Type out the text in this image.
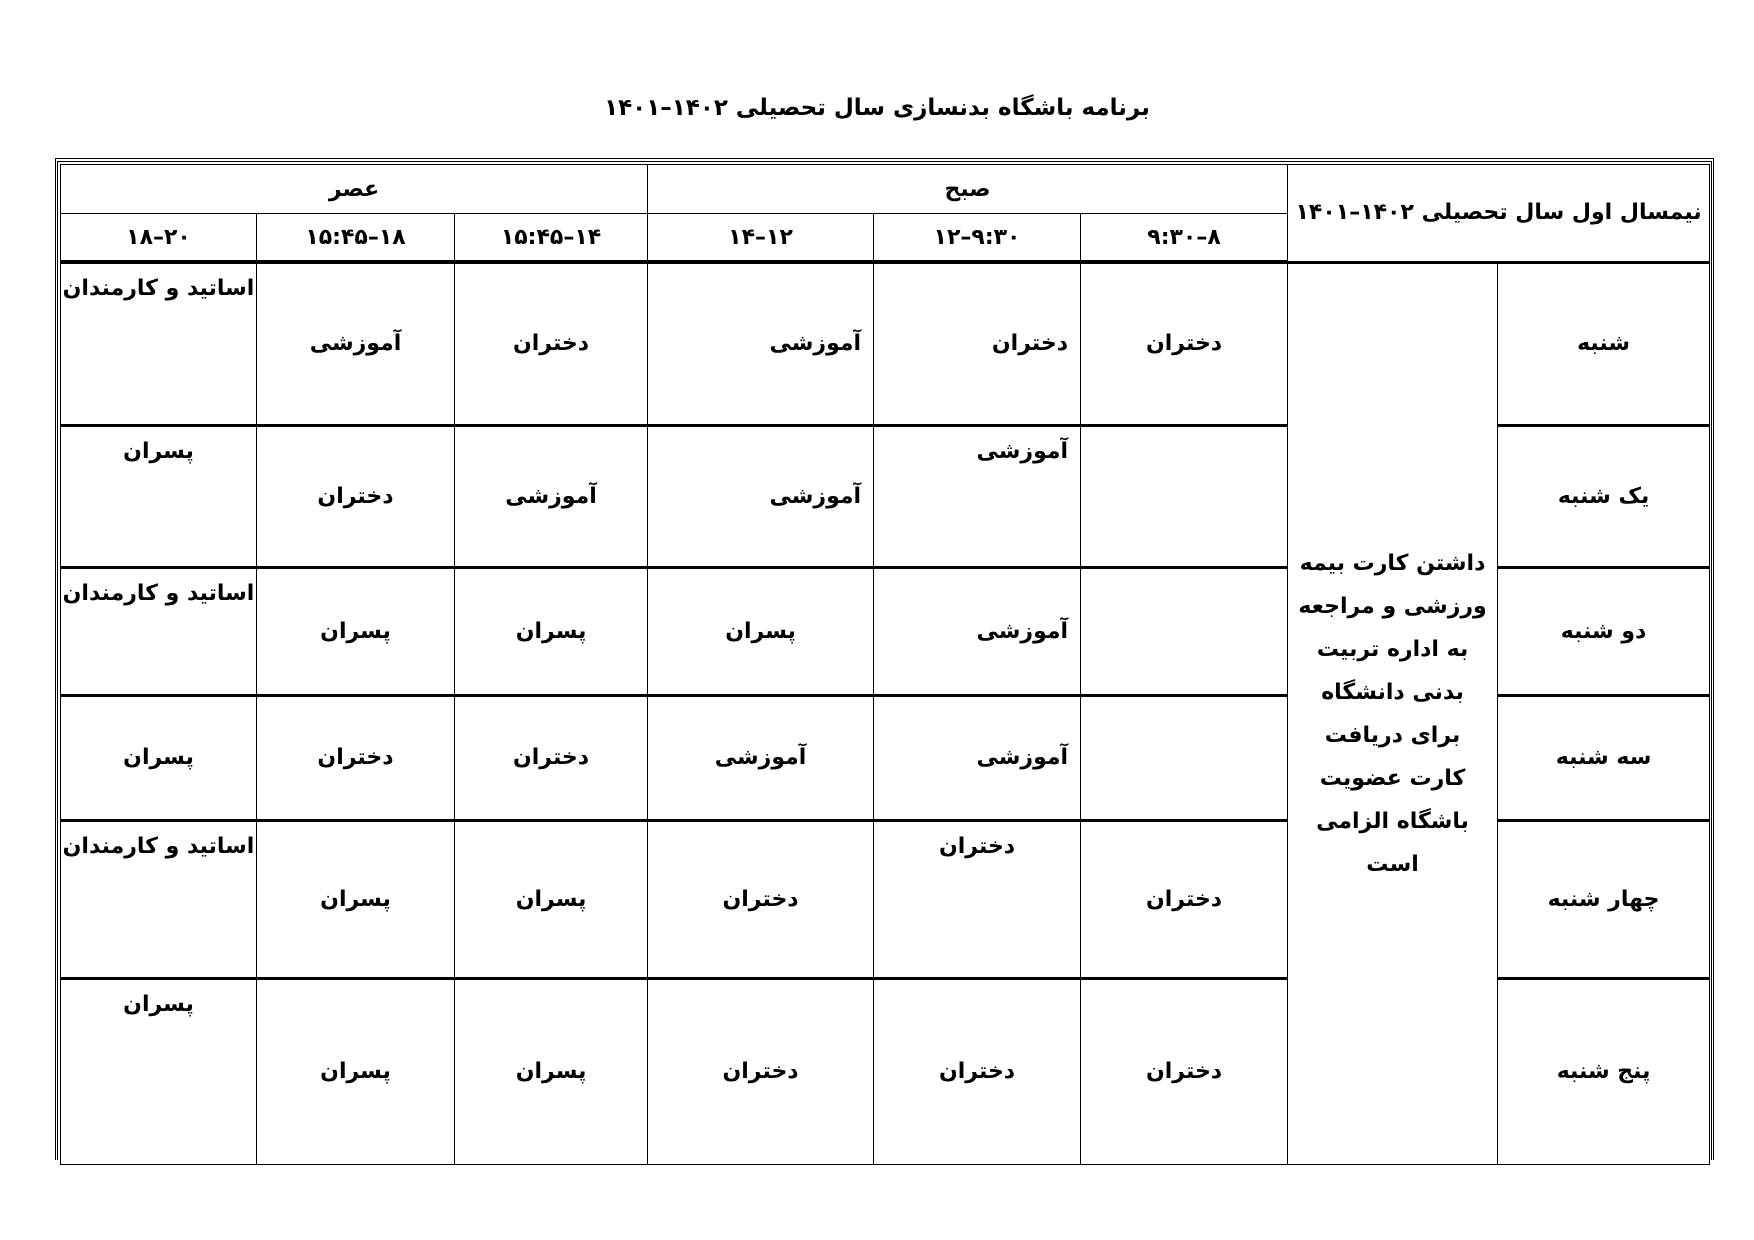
برنامه باشگاه بدنسازی سال تحصیلی ۱۴۰۲–۱۴۰۱
عصر			صبح			نیمسال اول سال تحصیلی ۱۴۰۲–۱۴۰۱	
۲۰–۱۸	۱۸–۱۵:۴۵	۱۴–۱۵:۴۵	۱۲–۱۴	۹:۳۰–۱۲	۸–۹:۳۰		

اساتید و کارمندان	آموزشی	دختران	آموزشی	دختران	دختران	داشتن کارت بیمه ورزشی و مراجعه به اداره تربیت بدنی دانشگاه برای دریافت کارت عضویت باشگاه الزامی است	شنبه

پسران	دختران	آموزشی	آموزشی	آموزشی			یک شنبه

اساتید و کارمندان	پسران	پسران	پسران	آموزشی			دو شنبه

پسران	دختران	دختران	آموزشی	آموزشی			سه شنبه

اساتید و کارمندان	پسران	پسران	دختران	دختران	دختران		چهار شنبه

پسران	پسران	پسران	دختران	دختران	دختران		پنج شنبه
